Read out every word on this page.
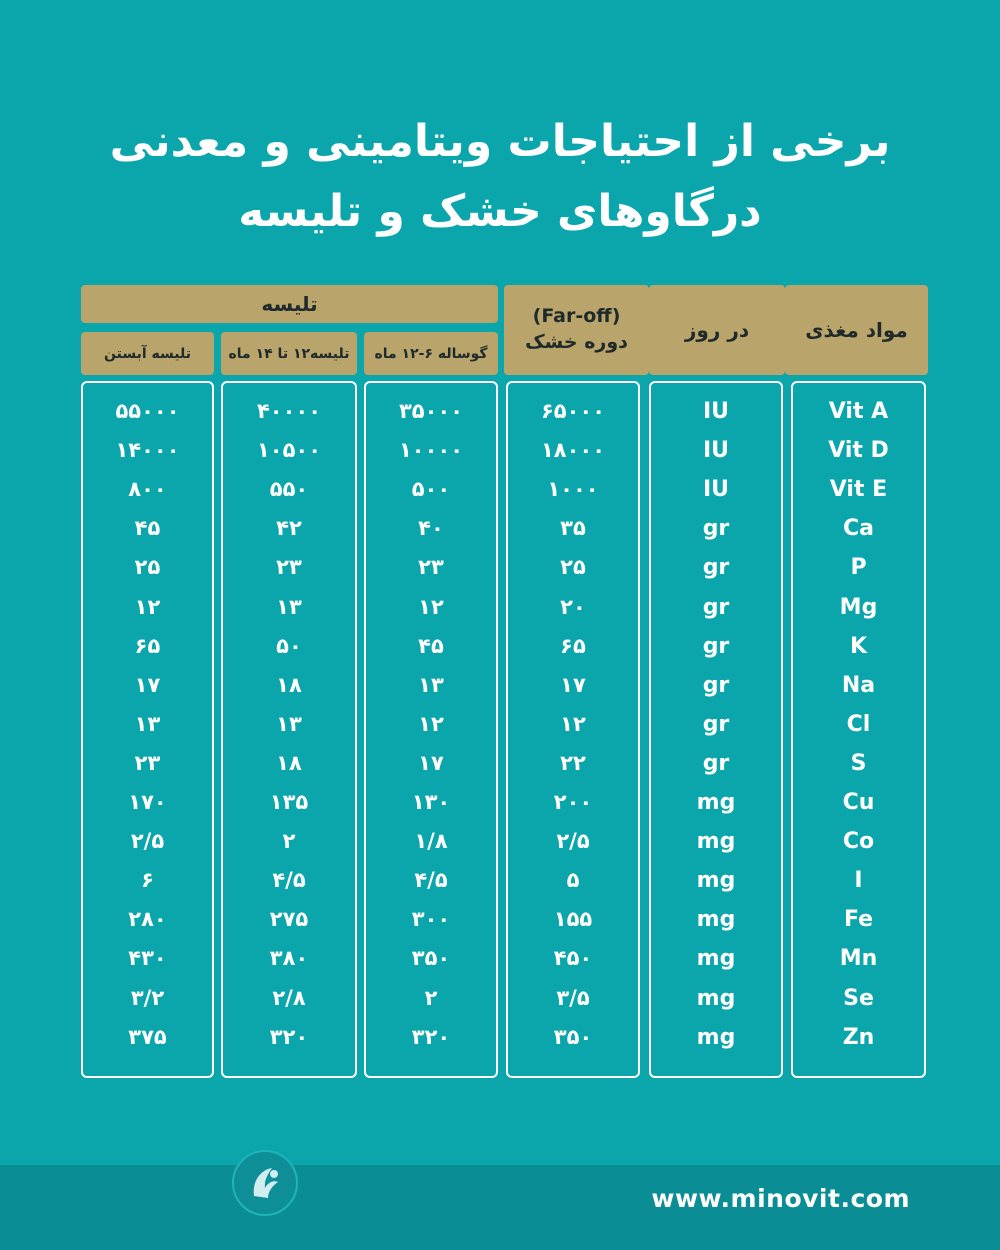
برخی از احتیاجات ویتامینی و معدنی
درگاوهای خشک و تلیسه
تلیسه
(Far-off)
دوره خشک	در روز	مواد مغذی
گوساله ۶-۱۲ ماه
تلیسه۱۲ تا ۱۴ ماه
تلیسه آبستن
۵۵۰۰۰
۱۴۰۰۰
۸۰۰
۴۵
۲۵
۱۲
۶۵
۱۷
۱۳
۲۳
۱۷۰
۲/۵
۶
۲۸۰
۴۳۰
۳/۲
۳۷۵
۴۰۰۰۰
۱۰۵۰۰
۵۵۰
۴۲
۲۳
۱۳
۵۰
۱۸
۱۳
۱۸
۱۳۵
۲
۴/۵
۲۷۵
۳۸۰
۲/۸
۳۲۰
۳۵۰۰۰
۱۰۰۰۰
۵۰۰
۴۰
۲۳
۱۲
۴۵
۱۳
۱۲
۱۷
۱۳۰
۱/۸
۴/۵
۳۰۰
۳۵۰
۲
۳۲۰
۶۵۰۰۰
۱۸۰۰۰
۱۰۰۰
۳۵
۲۵
۲۰
۶۵
۱۷
۱۲
۲۲
۲۰۰
۲/۵
۵
۱۵۵
۴۵۰
۳/۵
۳۵۰
IU
IU
IU
gr
gr
gr
gr
gr
gr
gr
mg
mg
mg
mg
mg
mg
mg
Vit A
Vit D
Vit E
Ca
P
Mg
K
Na
Cl
S
Cu
Co
I
Fe
Mn
Se
Zn
www.minovit.com
